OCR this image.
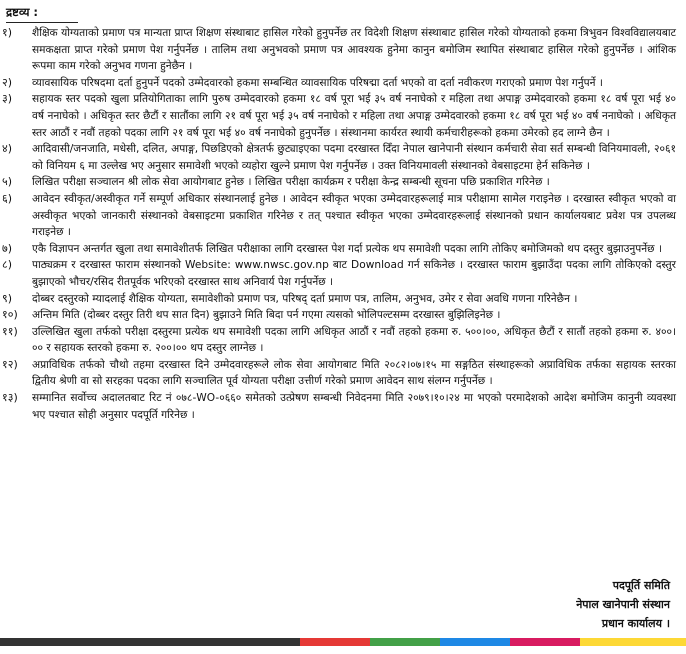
द्रष्टव्य :
१)	शैक्षिक योग्यताको प्रमाण पत्र मान्यता प्राप्त शिक्षण संस्थाबाट हासिल गरेको हुनुपर्नेछ तर विदेशी शिक्षण संस्थाबाट हासिल गरेको योग्यताको हकमा त्रिभुवन विश्वविद्यालयबाट समकक्षता प्राप्त गरेको प्रमाण पेश गर्नुपर्नेछ । तालिम तथा अनुभवको प्रमाण पत्र आवश्यक हुनेमा कानुन बमोजिम स्थापित संस्थाबाट हासिल गरेको हुनुपर्नेछ । आंशिक रूपमा काम गरेको अनुभव गणना हुनेछैन ।
२)	व्यावसायिक परिषदमा दर्ता हुनुपर्ने पदको उम्मेदवारको हकमा सम्बन्धित व्यावसायिक परिषद्मा दर्ता भएको वा दर्ता नवीकरण गराएको प्रमाण पेश गर्नुपर्ने ।
३)	सहायक स्तर पदको खुला प्रतियोगिताका लागि पुरुष उम्मेदवारको हकमा १८ वर्ष पूरा भई ३५ वर्ष ननाघेको र महिला तथा अपाङ्ग उम्मेदवारको हकमा १८ वर्ष पूरा भई ४० वर्ष ननाघेको । अधिकृत स्तर छैटौं र सातौंका लागि २१ वर्ष पूरा भई ३५ वर्ष ननाघेको र महिला तथा अपाङ्ग उम्मेदवारको हकमा १८ वर्ष पूरा भई ४० वर्ष ननाघेको । अधिकृत स्तर आठौं र नवौं तहको पदका लागि २१ वर्ष पूरा भई ४० वर्ष ननाघेको हुनुपर्नेछ । संस्थानमा कार्यरत स्थायी कर्मचारीहरूको हकमा उमेरको हद लाग्ने छैन ।
४)	आदिवासी/जनजाति, मधेसी, दलित, अपाङ्ग, पिछडिएको क्षेत्रतर्फ छुट्याइएका पदमा दरखास्त दिँदा नेपाल खानेपानी संस्थान कर्मचारी सेवा सर्त सम्बन्धी विनियमावली, २०६१ को विनियम ६ मा उल्लेख भए अनुसार समावेशी भएको व्यहोरा खुल्ने प्रमाण पेश गर्नुपर्नेछ । उक्त विनियमावली संस्थानको वेबसाइटमा हेर्न सकिनेछ ।
५)	लिखित परीक्षा सञ्चालन श्री लोक सेवा आयोगबाट हुनेछ । लिखित परीक्षा कार्यक्रम र परीक्षा केन्द्र सम्बन्धी सूचना पछि प्रकाशित गरिनेछ ।
६)	आवेदन स्वीकृत/अस्वीकृत गर्ने सम्पूर्ण अधिकार संस्थानलाई हुनेछ । आवेदन स्वीकृत भएका उम्मेदवारहरूलाई मात्र परीक्षामा सामेल गराइनेछ । दरखास्त स्वीकृत भएको वा अस्वीकृत भएको जानकारी संस्थानको वेबसाइटमा प्रकाशित गरिनेछ र तत् पश्चात स्वीकृत भएका उम्मेदवारहरूलाई संस्थानको प्रधान कार्यालयबाट प्रवेश पत्र उपलब्ध गराइनेछ ।
७)	एकै विज्ञापन अन्तर्गत खुला तथा समावेशीतर्फ लिखित परीक्षाका लागि दरखास्त पेश गर्दा प्रत्येक थप समावेशी पदका लागि तोकिए बमोजिमको थप दस्तुर बुझाउनुपर्नेछ ।
८)	पाठ्यक्रम र दरखास्त फाराम संस्थानको Website: www.nwsc.gov.np बाट Download गर्न सकिनेछ । दरखास्त फाराम बुझाउँदा पदका लागि तोकिएको दस्तुर बुझाएको भौचर/रसिद रीतपूर्वक भरिएको दरखास्त साथ अनिवार्य पेश गर्नुपर्नेछ ।
९)	दोब्बर दस्तुरको म्यादलाई शैक्षिक योग्यता, समावेशीको प्रमाण पत्र, परिषद् दर्ता प्रमाण पत्र, तालिम, अनुभव, उमेर र सेवा अवधि गणना गरिनेछैन ।
१०)	अन्तिम मिति (दोब्बर दस्तुर तिरी थप सात दिन) बुझाउने मिति बिदा पर्न गएमा त्यसको भोलिपल्टसम्म दरखास्त बुझिलिइनेछ ।
११)	उल्लिखित खुला तर्फको परीक्षा दस्तुरमा प्रत्येक थप समावेशी पदका लागि अधिकृत आठौं र नवौं तहको हकमा रु. ५००।००, अधिकृत छैटौं र सातौं तहको हकमा रु. ४००।०० र सहायक स्तरको हकमा रु. २००।०० थप दस्तुर लाग्नेछ ।
१२)	अप्राविधिक तर्फको चौथो तहमा दरखास्त दिने उम्मेदवारहरूले लोक सेवा आयोगबाट मिति २०८२।०७।१५ मा सङ्गठित संस्थाहरूको अप्राविधिक तर्फका सहायक स्तरका द्वितीय श्रेणी वा सो सरहका पदका लागि सञ्चालित पूर्व योग्यता परीक्षा उत्तीर्ण गरेको प्रमाण आवेदन साथ संलग्न गर्नुपर्नेछ ।
१३)	सम्मानित सर्वोच्च अदालतबाट रिट नं ०७८-WO-०६६० समेतको उत्प्रेषण सम्बन्धी निवेदनमा मिति २०७९।१०।२४ मा भएको परमादेशको आदेश बमोजिम कानुनी व्यवस्था भए पश्चात सोही अनुसार पदपूर्ति गरिनेछ ।
पदपूर्ति समिति
नेपाल खानेपानी संस्थान
प्रधान कार्यालय ।
